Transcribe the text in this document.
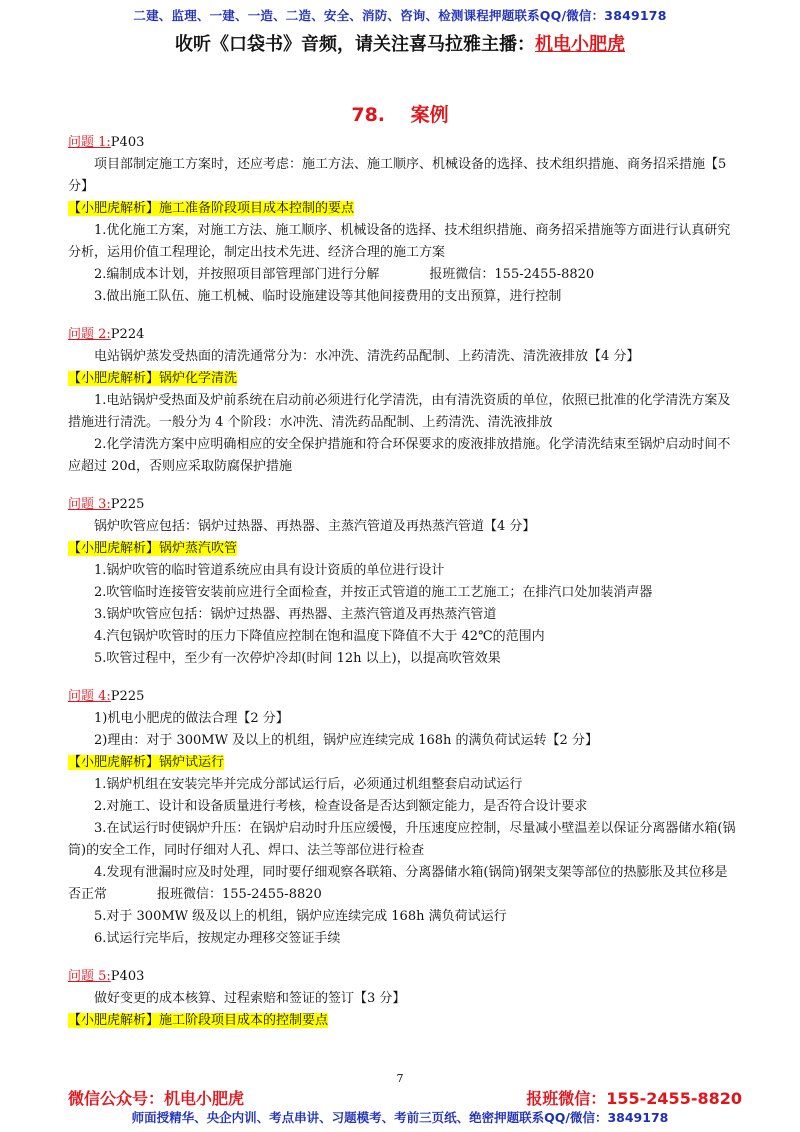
二建、监理、一建、一造、二造、安全、消防、咨询、检测课程押题联系QQ/微信：3849178
收听《口袋书》音频，请关注喜马拉雅主播：机电小肥虎
78.　 案例

问题 1:P403

项目部制定施工方案时，还应考虑：施工方法、施工顺序、机械设备的选择、技术组织措施、商务招采措施【5 分】

【小肥虎解析】施工准备阶段项目成本控制的要点

1.优化施工方案，对施工方法、施工顺序、机械设备的选择、技术组织措施、商务招采措施等方面进行认真研究分析，运用价值工程理论，制定出技术先进、经济合理的施工方案

2.编制成本计划，并按照项目部管理部门进行分解	报班微信：155-2455-8820

3.做出施工队伍、施工机械、临时设施建设等其他间接费用的支出预算，进行控制

问题 2:P224

电站锅炉蒸发受热面的清洗通常分为：水冲洗、清洗药品配制、上药清洗、清洗液排放【4 分】

【小肥虎解析】锅炉化学清洗

1.电站锅炉受热面及炉前系统在启动前必须进行化学清洗，由有清洗资质的单位，依照已批准的化学清洗方案及措施进行清洗。一般分为 4 个阶段：水冲洗、清洗药品配制、上药清洗、清洗液排放

2.化学清洗方案中应明确相应的安全保护措施和符合环保要求的废液排放措施。化学清洗结束至锅炉启动时间不应超过 20d，否则应采取防腐保护措施

问题 3:P225

锅炉吹管应包括：锅炉过热器、再热器、主蒸汽管道及再热蒸汽管道【4 分】

【小肥虎解析】锅炉蒸汽吹管

1.锅炉吹管的临时管道系统应由具有设计资质的单位进行设计

2.吹管临时连接管安装前应进行全面检查，并按正式管道的施工工艺施工；在排汽口处加装消声器

3.锅炉吹管应包括：锅炉过热器、再热器、主蒸汽管道及再热蒸汽管道

4.汽包锅炉吹管时的压力下降值应控制在饱和温度下降值不大于 42℃的范围内

5.吹管过程中，至少有一次停炉冷却(时间 12h 以上)，以提高吹管效果

问题 4:P225

1)机电小肥虎的做法合理【2 分】

2)理由：对于 300MW 及以上的机组，锅炉应连续完成 168h 的满负荷试运转【2 分】

【小肥虎解析】锅炉试运行

1.锅炉机组在安装完毕并完成分部试运行后，必须通过机组整套启动试运行

2.对施工、设计和设备质量进行考核，检查设备是否达到额定能力，是否符合设计要求

3.在试运行时使锅炉升压：在锅炉启动时升压应缓慢，升压速度应控制，尽量减小壁温差以保证分离器储水箱(锅筒)的安全工作，同时仔细对人孔、焊口、法兰等部位进行检查

4.发现有泄漏时应及时处理，同时要仔细观察各联箱、分离器储水箱(锅筒)钢架支架等部位的热膨胀及其位移是否正常	报班微信：155-2455-8820

5.对于 300MW 级及以上的机组，锅炉应连续完成 168h 满负荷试运行

6.试运行完毕后，按规定办理移交签证手续

问题 5:P403

做好变更的成本核算、过程索赔和签证的签订【3 分】

【小肥虎解析】施工阶段项目成本的控制要点

7
微信公众号：机电小肥虎	报班微信：155-2455-8820
师面授精华、央企内训、考点串讲、习题模考、考前三页纸、绝密押题联系QQ/微信：3849178
